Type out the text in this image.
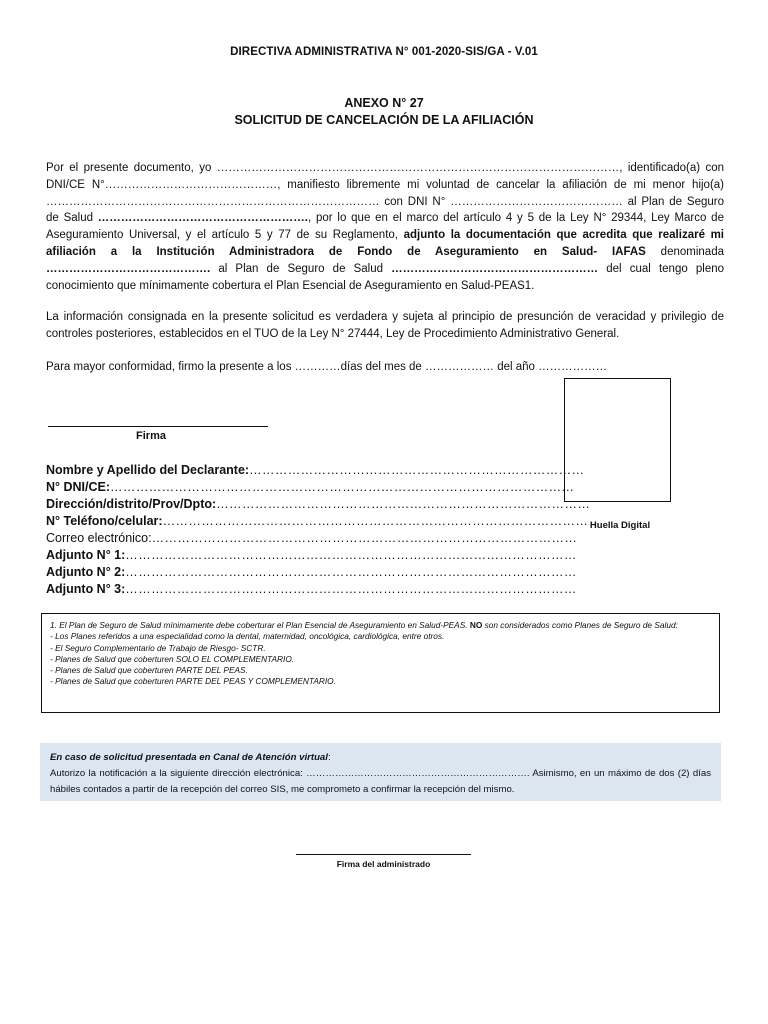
DIRECTIVA ADMINISTRATIVA N° 001-2020-SIS/GA - V.01
ANEXO N° 27
SOLICITUD DE CANCELACIÓN DE LA AFILIACIÓN
Por el presente documento, yo ……………………………………………………………………………………………, identificado(a) con DNI/CE N°………………………………………, manifiesto libremente mi voluntad de cancelar la afiliación de mi menor hijo(a) …………………………………………………………………………… con DNI N° ……………………………………… al Plan de Seguro de Salud ………………………………………………., por lo que en el marco del artículo 4 y 5 de la Ley N° 29344, Ley Marco de Aseguramiento Universal, y el artículo 5 y 77 de su Reglamento, adjunto la documentación que acredita que realizaré mi afiliación a la Institución Administradora de Fondo de Aseguramiento en Salud- IAFAS denominada ……………………………………. al Plan de Seguro de Salud ……………………………………………… del cual tengo pleno conocimiento que mínimamente cobertura el Plan Esencial de Aseguramiento en Salud-PEAS1.
La información consignada en la presente solicitud es verdadera y sujeta al principio de presunción de veracidad y privilegio de controles posteriores, establecidos en el TUO de la Ley N° 27444, Ley de Procedimiento Administrativo General.
Para mayor conformidad, firmo la presente a los …………días del mes de ……………… del año ………………
Firma
Nombre y Apellido del Declarante:……………………………………………………………………
N° DNI/CE:………………………………………………………………………………………………
Dirección/distrito/Prov/Dpto:……………………………………………………………………………
N° Teléfono/celular:………………………………………………………………………………………
Correo electrónico:………………………………………………………………………………………
Adjunto N° 1:……………………………………………………………………………………………
Adjunto N° 2:……………………………………………………………………………………………
Adjunto N° 3:……………………………………………………………………………………………
Huella Digital
1. El Plan de Seguro de Salud mínimamente debe coberturar el Plan Esencial de Aseguramiento en Salud-PEAS. NO son considerados como Planes de Seguro de Salud:
- Los Planes referidos a una especialidad como la dental, maternidad, oncológica, cardiológica, entre otros.
- El Seguro Complementario de Trabajo de Riesgo- SCTR.
- Planes de Salud que coberturen SOLO EL COMPLEMENTARIO.
- Planes de Salud que coberturen PARTE DEL PEAS.
- Planes de Salud que coberturen PARTE DEL PEAS Y COMPLEMENTARIO.
En caso de solicitud presentada en Canal de Atención virtual:
Autorizo la notificación a la siguiente dirección electrónica: ……………………………………………………………. Asimismo, en un máximo de dos (2) días hábiles contados a partir de la recepción del correo SIS, me comprometo a confirmar la recepción del mismo.
Firma del administrado
